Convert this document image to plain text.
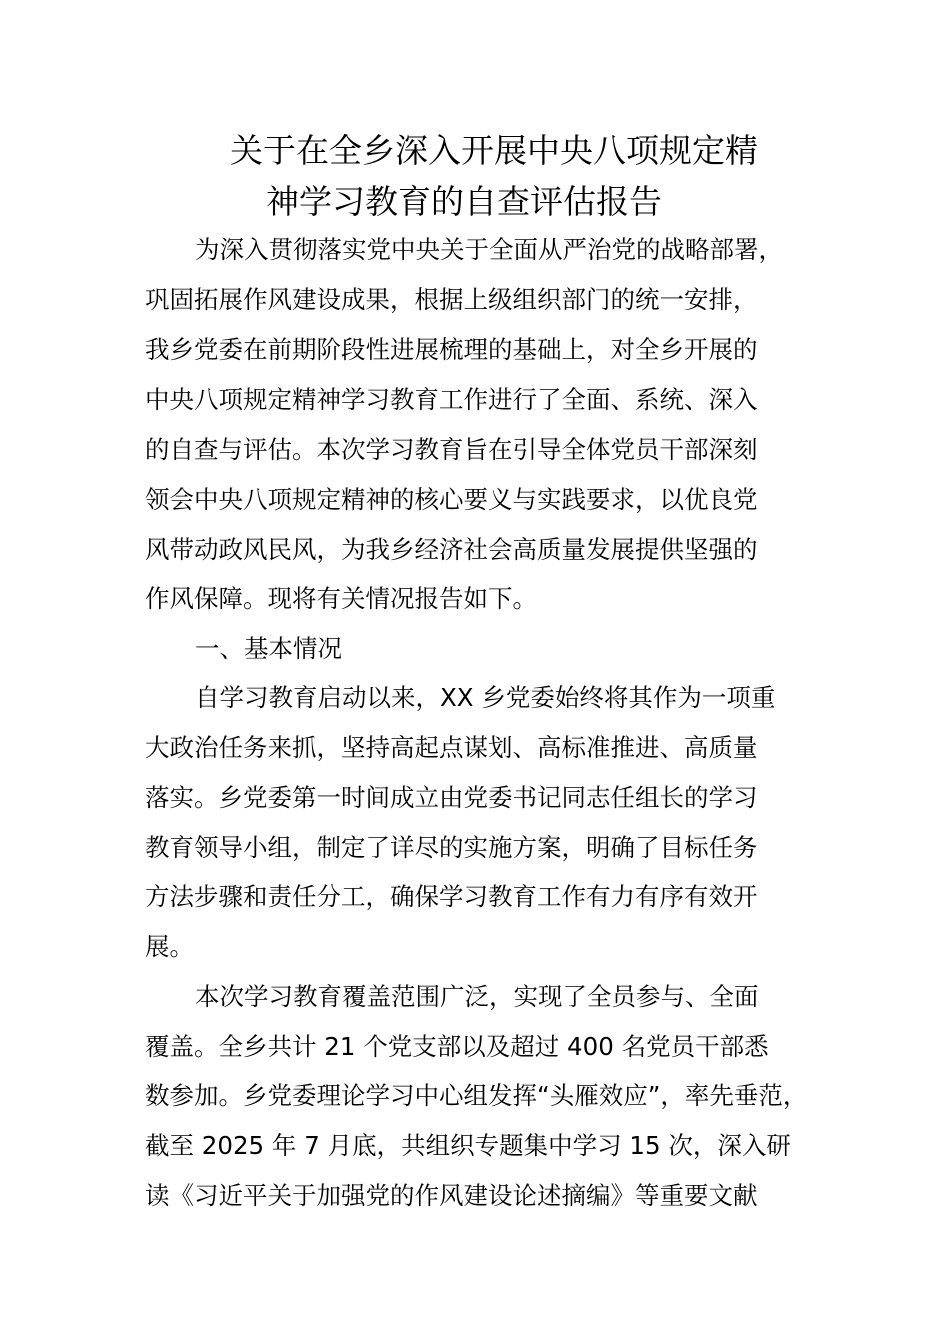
关于在全乡深入开展中央八项规定精
神学习教育的自查评估报告
为深入贯彻落实党中央关于全面从严治党的战略部署，
巩固拓展作风建设成果，根据上级组织部门的统一安排，
我乡党委在前期阶段性进展梳理的基础上，对全乡开展的
中央八项规定精神学习教育工作进行了全面、系统、深入
的自查与评估。本次学习教育旨在引导全体党员干部深刻
领会中央八项规定精神的核心要义与实践要求，以优良党
风带动政风民风，为我乡经济社会高质量发展提供坚强的
作风保障。现将有关情况报告如下。
一、基本情况
自学习教育启动以来，XX 乡党委始终将其作为一项重
大政治任务来抓，坚持高起点谋划、高标准推进、高质量
落实。乡党委第一时间成立由党委书记同志任组长的学习
教育领导小组，制定了详尽的实施方案，明确了目标任务
方法步骤和责任分工，确保学习教育工作有力有序有效开
展。
本次学习教育覆盖范围广泛，实现了全员参与、全面
覆盖。全乡共计 21 个党支部以及超过 400 名党员干部悉
数参加。乡党委理论学习中心组发挥“头雁效应”，率先垂范，
截至 2025 年 7 月底，共组织专题集中学习 15 次，深入研
读《习近平关于加强党的作风建设论述摘编》等重要文献
